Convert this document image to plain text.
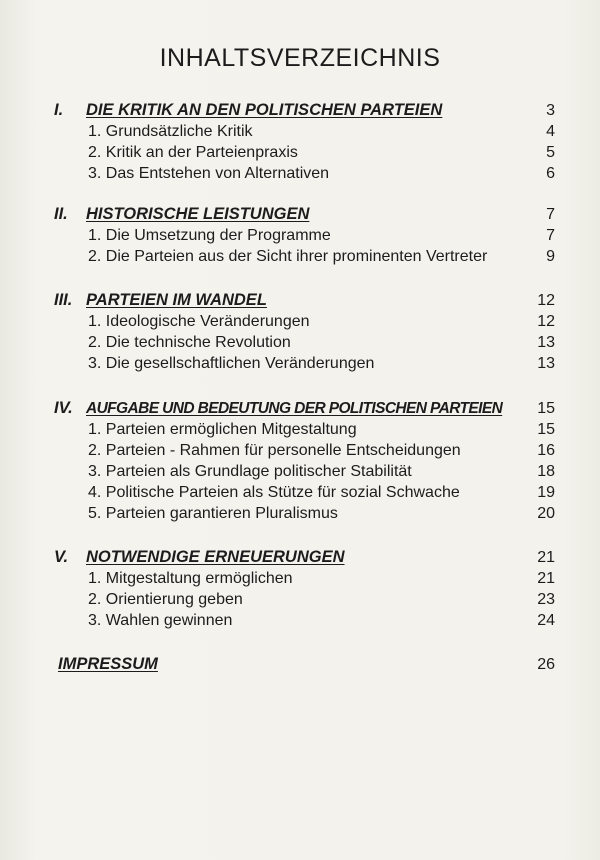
INHALTSVERZEICHNIS
I. DIE KRITIK AN DEN POLITISCHEN PARTEIEN	3
1. Grundsätzliche Kritik	4
2. Kritik an der Parteienpraxis	5
3. Das Entstehen von Alternativen	6
II. HISTORISCHE LEISTUNGEN	7
1. Die Umsetzung der Programme	7
2. Die Parteien aus der Sicht ihrer prominenten Vertreter	9
III. PARTEIEN IM WANDEL	12
1. Ideologische Veränderungen	12
2. Die technische Revolution	13
3. Die gesellschaftlichen Veränderungen	13
IV. AUFGABE UND BEDEUTUNG DER POLITISCHEN PARTEIEN 15
1. Parteien ermöglichen Mitgestaltung	15
2. Parteien - Rahmen für personelle Entscheidungen	16
3. Parteien als Grundlage politischer Stabilität	18
4. Politische Parteien als Stütze für sozial Schwache	19
5. Parteien garantieren Pluralismus	20
V. NOTWENDIGE ERNEUERUNGEN	21
1. Mitgestaltung ermöglichen	21
2. Orientierung geben	23
3. Wahlen gewinnen	24
IMPRESSUM	26
